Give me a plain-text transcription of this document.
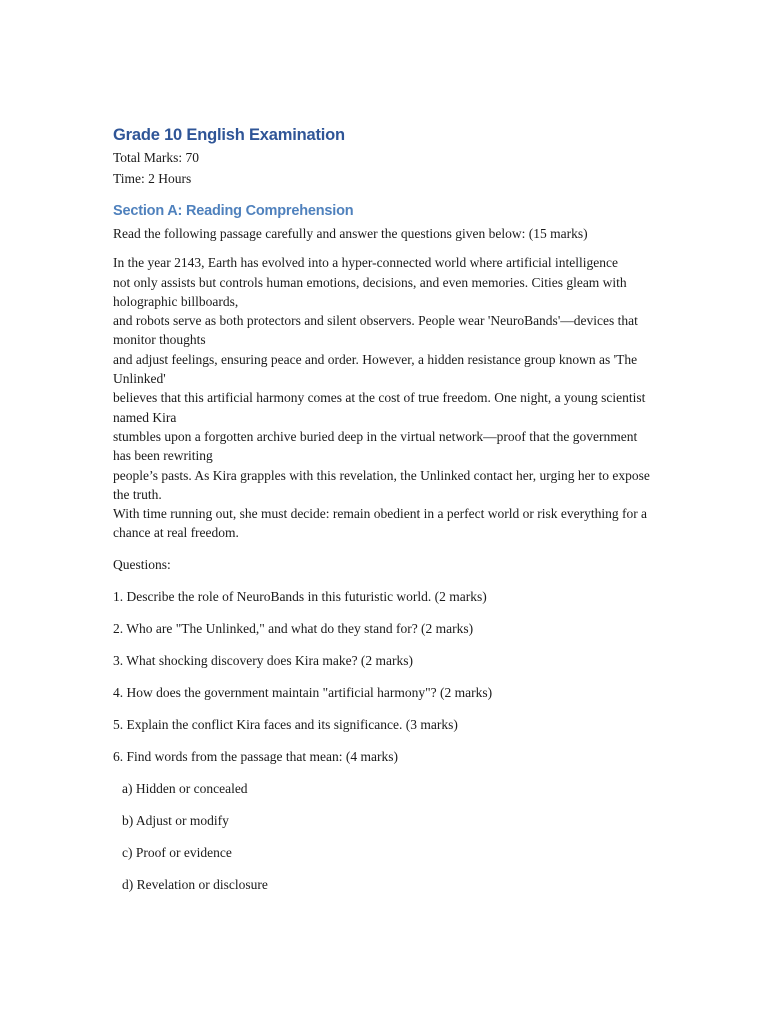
Grade 10 English Examination

Total Marks: 70

Time: 2 Hours

Section A: Reading Comprehension

Read the following passage carefully and answer the questions given below: (15 marks)

In the year 2143, Earth has evolved into a hyper-connected world where artificial intelligence
not only assists but controls human emotions, decisions, and even memories. Cities gleam with holographic billboards,
and robots serve as both protectors and silent observers. People wear 'NeuroBands'—devices that monitor thoughts
and adjust feelings, ensuring peace and order. However, a hidden resistance group known as 'The Unlinked'
believes that this artificial harmony comes at the cost of true freedom. One night, a young scientist named Kira
stumbles upon a forgotten archive buried deep in the virtual network—proof that the government has been rewriting
people’s pasts. As Kira grapples with this revelation, the Unlinked contact her, urging her to expose the truth.
With time running out, she must decide: remain obedient in a perfect world or risk everything for a chance at real freedom.

Questions:

1. Describe the role of NeuroBands in this futuristic world. (2 marks)

2. Who are "The Unlinked," and what do they stand for? (2 marks)

3. What shocking discovery does Kira make? (2 marks)

4. How does the government maintain "artificial harmony"? (2 marks)

5. Explain the conflict Kira faces and its significance. (3 marks)

6. Find words from the passage that mean: (4 marks)

a) Hidden or concealed

b) Adjust or modify

c) Proof or evidence

d) Revelation or disclosure
